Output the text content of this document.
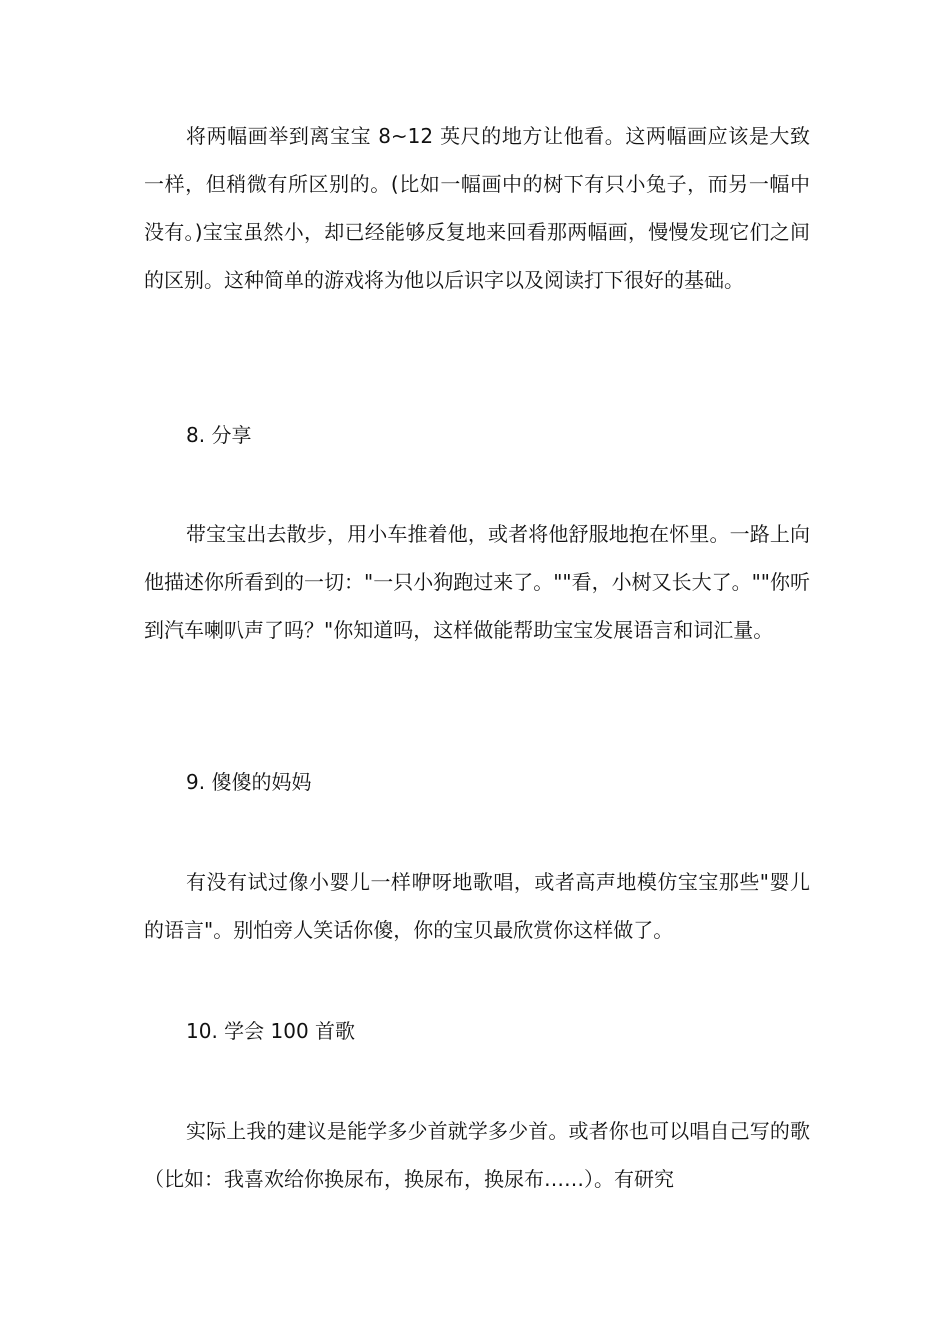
将两幅画举到离宝宝 8~12 英尺的地方让他看。这两幅画应该是大致一样，但稍微有所区别的。(比如一幅画中的树下有只小兔子，而另一幅中没有。)宝宝虽然小，却已经能够反复地来回看那两幅画，慢慢发现它们之间的区别。这种简单的游戏将为他以后识字以及阅读打下很好的基础。

8. 分享

带宝宝出去散步，用小车推着他，或者将他舒服地抱在怀里。一路上向他描述你所看到的一切："一只小狗跑过来了。""看，小树又长大了。""你听到汽车喇叭声了吗？"你知道吗，这样做能帮助宝宝发展语言和词汇量。

9. 傻傻的妈妈

有没有试过像小婴儿一样咿呀地歌唱，或者高声地模仿宝宝那些"婴儿的语言"。别怕旁人笑话你傻，你的宝贝最欣赏你这样做了。

10. 学会 100 首歌

实际上我的建议是能学多少首就学多少首。或者你也可以唱自己写的歌（比如：我喜欢给你换尿布，换尿布，换尿布……）。有研究
